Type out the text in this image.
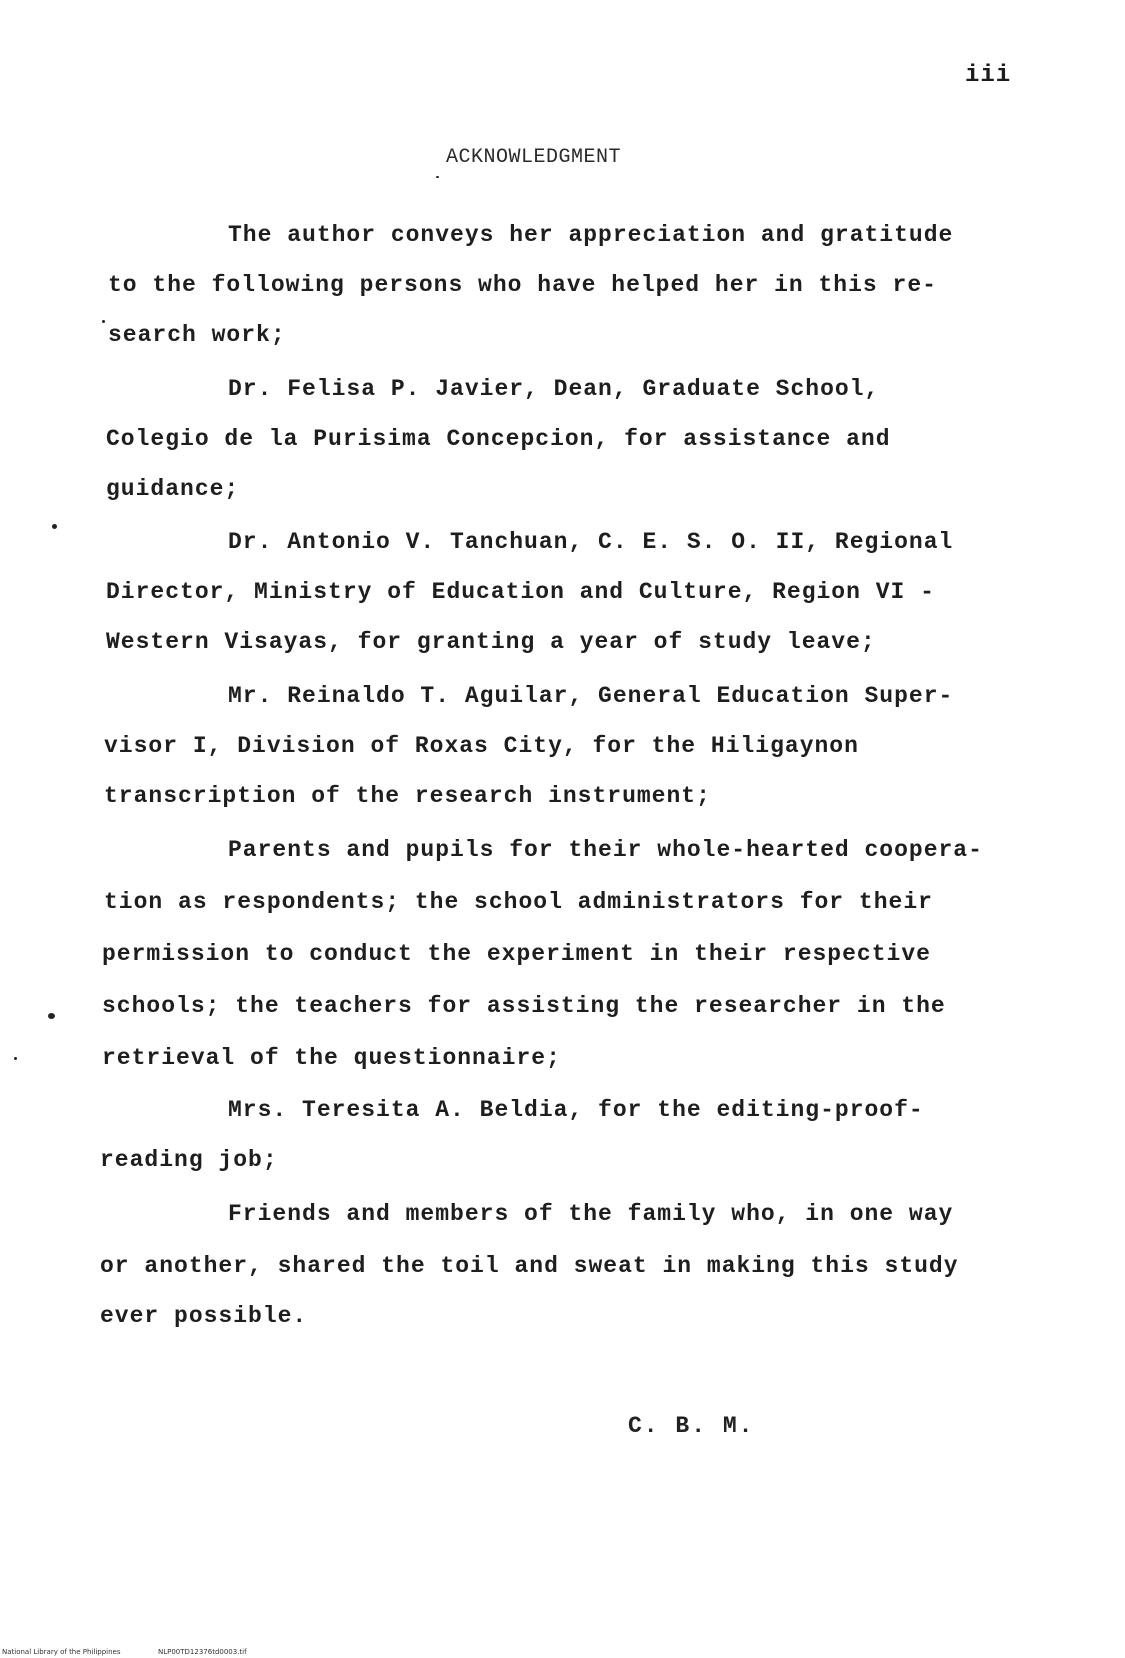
iii
ACKNOWLEDGMENT
The author conveys her appreciation and gratitude
to the following persons who have helped her in this re-
search work;
Dr. Felisa P. Javier, Dean, Graduate School,
Colegio de la Purisima Concepcion, for assistance and
guidance;
Dr. Antonio V. Tanchuan, C. E. S. O. II, Regional
Director, Ministry of Education and Culture, Region VI -
Western Visayas, for granting a year of study leave;
Mr. Reinaldo T. Aguilar, General Education Super-
visor I, Division of Roxas City, for the Hiligaynon
transcription of the research instrument;
Parents and pupils for their whole-hearted coopera-
tion as respondents; the school administrators for their
permission to conduct the experiment in their respective
schools; the teachers for assisting the researcher in the
retrieval of the questionnaire;
Mrs. Teresita A. Beldia, for the editing-proof-
reading job;
Friends and members of the family who, in one way
or another, shared the toil and sweat in making this study
ever possible.
C. B. M.
National Library of the Philippines	NLP00TD12376td0003.tif
